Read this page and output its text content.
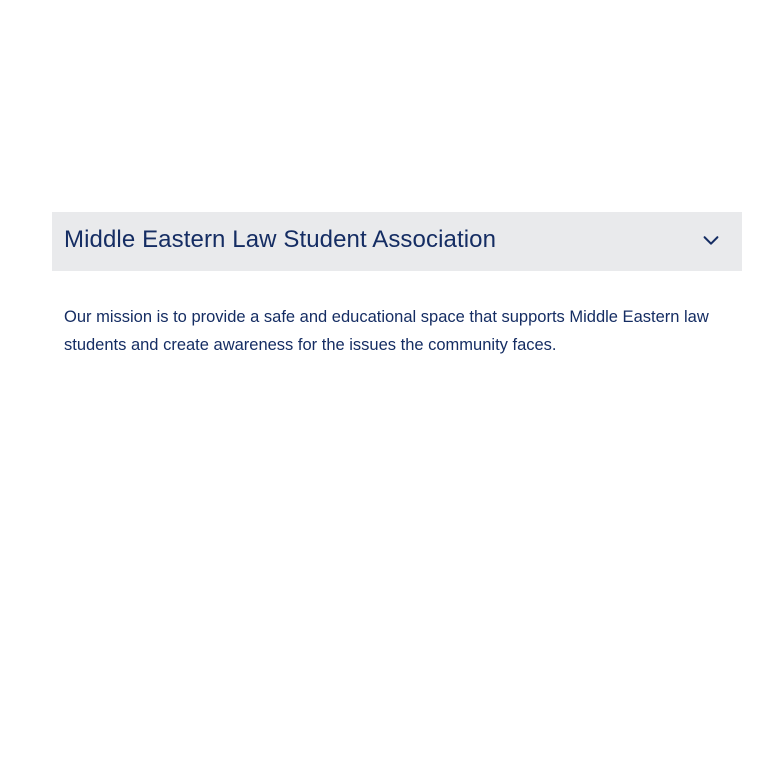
Middle Eastern Law Student Association

Our mission is to provide a safe and educational space that supports Middle Eastern law students and create awareness for the issues the community faces.
